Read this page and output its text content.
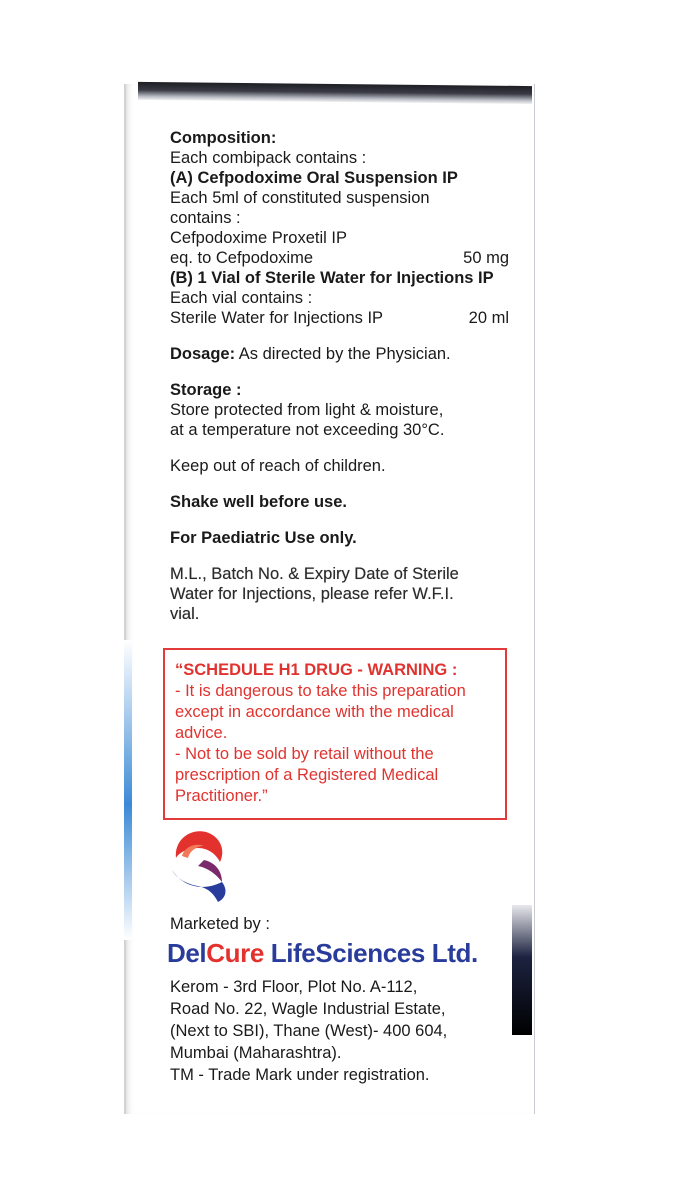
Composition:
Each combipack contains :
(A) Cefpodoxime Oral Suspension IP
Each 5ml of constituted suspension
contains :
Cefpodoxime Proxetil IP
eq. to Cefpodoxime	50 mg
(B) 1 Vial of Sterile Water for Injections IP
Each vial contains :
Sterile Water for Injections IP	20 ml
Dosage: As directed by the Physician.
Storage :
Store protected from light & moisture,
at a temperature not exceeding 30°C.
Keep out of reach of children.
Shake well before use.
For Paediatric Use only.
M.L., Batch No. & Expiry Date of Sterile
Water for Injections, please refer W.F.I.
vial.
“SCHEDULE H1 DRUG - WARNING :
- It is dangerous to take this preparation
except in accordance with the medical
advice.
- Not to be sold by retail without the
prescription of a Registered Medical
Practitioner.”
Marketed by :
DelCure LifeSciences Ltd.
Kerom - 3rd Floor, Plot No. A-112,
Road No. 22, Wagle Industrial Estate,
(Next to SBI), Thane (West)- 400 604,
Mumbai (Maharashtra).
TM - Trade Mark under registration.
